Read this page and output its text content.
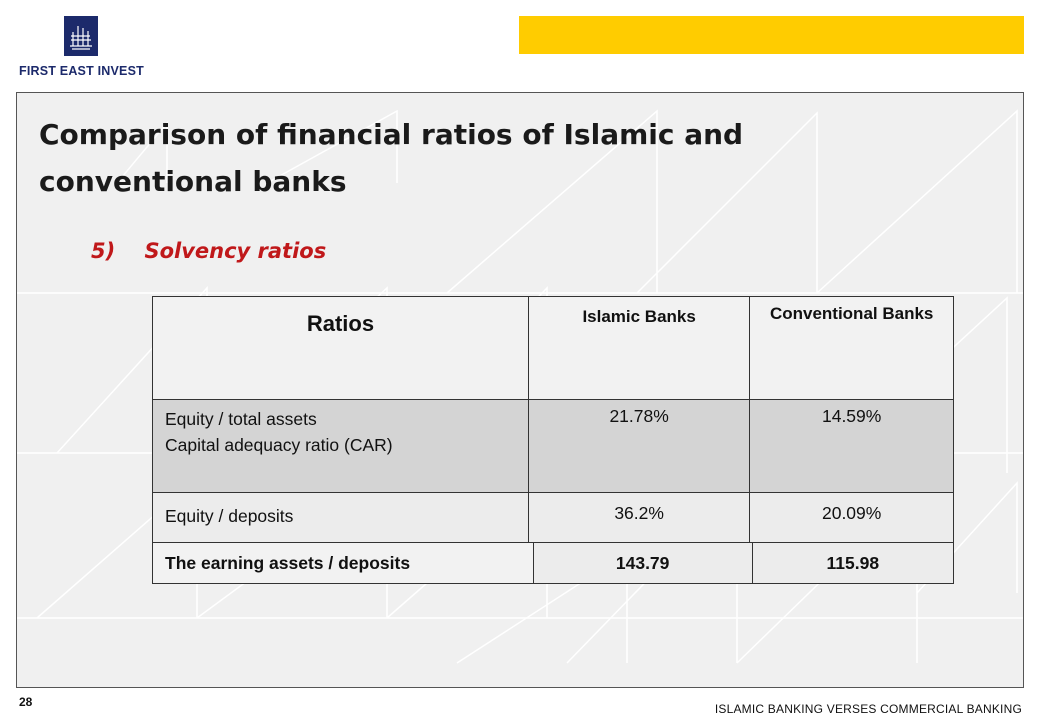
FIRST EAST INVEST
Comparison of financial ratios of Islamic and conventional banks
5)    Solvency ratios
Ratios	Islamic Banks	Conventional Banks

Equity / total assets
Capital adequacy ratio (CAR)	21.78%	14.59%
Equity / deposits	36.2%	20.09%
The earning assets / deposits	143.79	115.98
28	ISLAMIC BANKING VERSES COMMERCIAL BANKING
